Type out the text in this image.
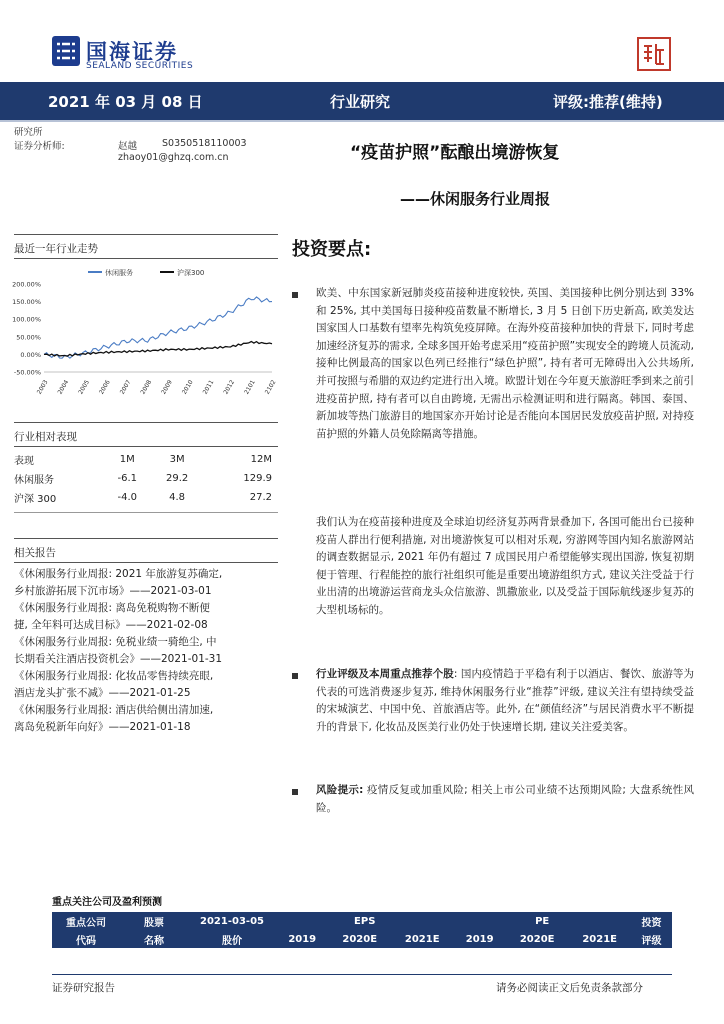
国海证券
SEALAND SECURITIES
2021 年 03 月 08 日	行业研究	评级:推荐(维持)
研究所
证券分析师:	赵越	S0350518110003
zhaoy01@ghzq.com.cn	“疫苗护照”酝酿出境游恢复
——休闲服务行业周报
最近一年行业走势
休闲服务	沪深300
200.00%
150.00%
100.00%
50.00%
0.00%
-50.00%
2003 2004 2005 2006 2007 2008 2009 2010 2011 2012 2101 2102
行业相对表现
表现	1M	3M	12M
休闲服务	-6.1	29.2	129.9
沪深 300	-4.0	4.8	27.2
相关报告
《休闲服务行业周报: 2021 年旅游复苏确定,
乡村旅游拓展下沉市场》——2021-03-01
《休闲服务行业周报: 离岛免税购物不断便
捷, 全年料可达成目标》——2021-02-08
《休闲服务行业周报: 免税业绩一骑绝尘, 中
长期看关注酒店投资机会》——2021-01-31
《休闲服务行业周报: 化妆品零售持续亮眼,
酒店龙头扩张不减》——2021-01-25
《休闲服务行业周报: 酒店供给侧出清加速,
离岛免税新年向好》——2021-01-18
投资要点:
欧美、中东国家新冠肺炎疫苗接种进度较快, 英国、美国接种比例分别达到 33%和 25%, 其中美国每日接种疫苗数量不断增长, 3 月 5 日创下历史新高, 欧美发达国家国人口基数有望率先构筑免疫屏障。在海外疫苗接种加快的背景下, 同时考虑加速经济复苏的需求, 全球多国开始考虑采用“疫苗护照”实现安全的跨境人员流动, 接种比例最高的国家以色列已经推行“绿色护照”, 持有者可无障碍出入公共场所, 并可按照与希腊的双边约定进行出入境。欧盟计划在今年夏天旅游旺季到来之前引进疫苗护照, 持有者可以自由跨境, 无需出示检测证明和进行隔离。韩国、泰国、新加坡等热门旅游目的地国家亦开始讨论是否能向本国居民发放疫苗护照, 对持疫苗护照的外籍人员免除隔离等措施。
我们认为在疫苗接种进度及全球迫切经济复苏两背景叠加下, 各国可能出台已接种疫苗人群出行便利措施, 对出境游恢复可以相对乐观, 穷游网等国内知名旅游网站的调查数据显示, 2021 年仍有超过 7 成国民用户希望能够实现出国游, 恢复初期便于管理、行程能控的旅行社组织可能是重要出境游组织方式, 建议关注受益于行业出清的出境游运营商龙头众信旅游、凯撒旅业, 以及受益于国际航线逐步复苏的大型机场标的。
行业评级及本周重点推荐个股: 国内疫情趋于平稳有利于以酒店、餐饮、旅游等为代表的可选消费逐步复苏, 维持休闲服务行业“推荐”评级, 建议关注有望持续受益的宋城演艺、中国中免、首旅酒店等。此外, 在“颜值经济”与居民消费水平不断提升的背景下, 化妆品及医美行业仍处于快速增长期, 建议关注爱美客。
风险提示: 疫情反复或加重风险; 相关上市公司业绩不达预期风险; 大盘系统性风险。
重点关注公司及盈利预测
重点公司	股票	2021-03-05	EPS			PE			投资
代码	名称	股价	2019	2020E	2021E	2019	2020E	2021E	评级
证券研究报告	请务必阅读正文后免责条款部分
